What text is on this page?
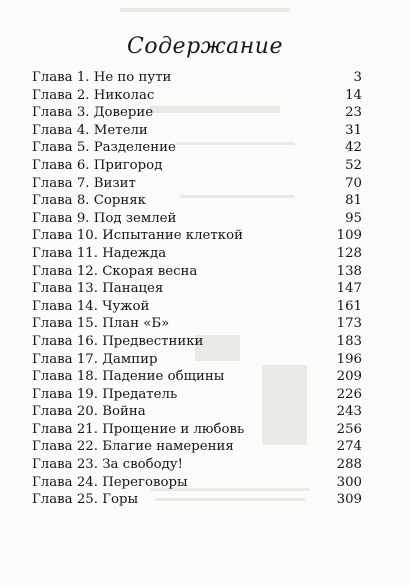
Содержание
Глава 1. Не по пути	3
Глава 2. Николас	14
Глава 3. Доверие	23
Глава 4. Метели	31
Глава 5. Разделение	42
Глава 6. Пригород	52
Глава 7. Визит	70
Глава 8. Сорняк	81
Глава 9. Под землей	95
Глава 10. Испытание клеткой	109
Глава 11. Надежда	128
Глава 12. Скорая весна	138
Глава 13. Панацея	147
Глава 14. Чужой	161
Глава 15. План «Б»	173
Глава 16. Предвестники	183
Глава 17. Дампир	196
Глава 18. Падение общины	209
Глава 19. Предатель	226
Глава 20. Война	243
Глава 21. Прощение и любовь	256
Глава 22. Благие намерения	274
Глава 23. За свободу!	288
Глава 24. Переговоры	300
Глава 25. Горы	309
